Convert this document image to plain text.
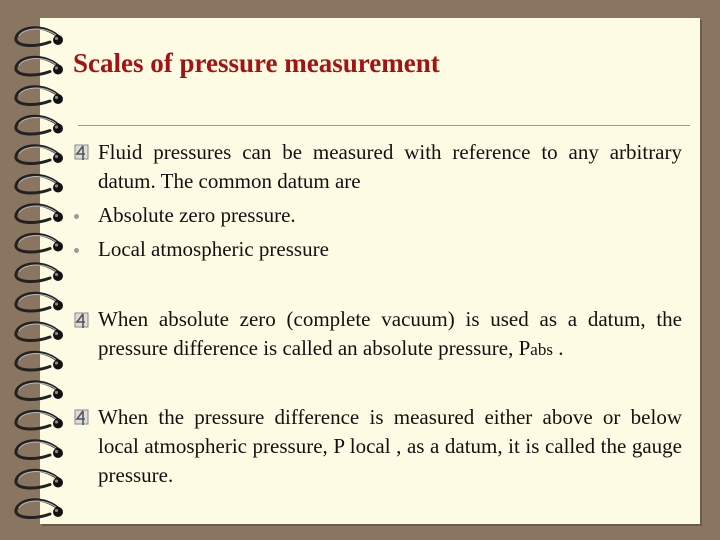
Scales of pressure measurement
Fluid pressures can be measured with reference to any arbitrary datum. The common datum are
Absolute zero pressure.
Local atmospheric pressure
When absolute zero (complete vacuum) is used as a datum, the pressure difference is called an absolute pressure, Pabs .
When the pressure difference is measured either above or below local atmospheric pressure, P local , as a datum, it is called the gauge pressure.
